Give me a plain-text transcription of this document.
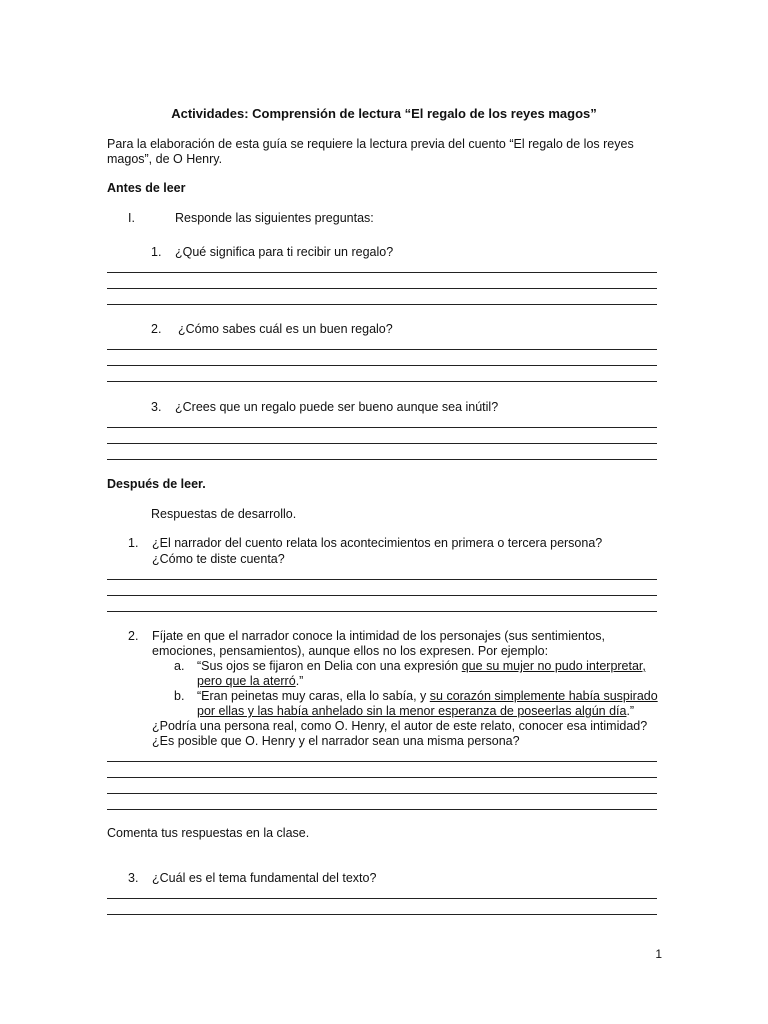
Actividades: Comprensión de lectura “El regalo de los reyes magos”
Para la elaboración de esta guía se requiere la lectura previa del cuento “El regalo de los reyes
magos”, de O Henry.
Antes de leer
I.	Responde las siguientes preguntas:
1. ¿Qué significa para ti recibir un regalo?
2. ¿Cómo sabes cuál es un buen regalo?
3. ¿Crees que un regalo puede ser bueno aunque sea inútil?
Después de leer.
Respuestas de desarrollo.
1. ¿El narrador del cuento relata los acontecimientos en primera o tercera persona?
¿Cómo te diste cuenta?
2. Fíjate en que el narrador conoce la intimidad de los personajes (sus sentimientos,
emociones, pensamientos), aunque ellos no los expresen. Por ejemplo:
a. “Sus ojos se fijaron en Delia con una expresión que su mujer no pudo interpretar,
pero que la aterró.”
b. “Eran peinetas muy caras, ella lo sabía, y su corazón simplemente había suspirado
por ellas y las había anhelado sin la menor esperanza de poseerlas algún día.”
¿Podría una persona real, como O. Henry, el autor de este relato, conocer esa intimidad?
¿Es posible que O. Henry y el narrador sean una misma persona?
Comenta tus respuestas en la clase.
3. ¿Cuál es el tema fundamental del texto?
1
